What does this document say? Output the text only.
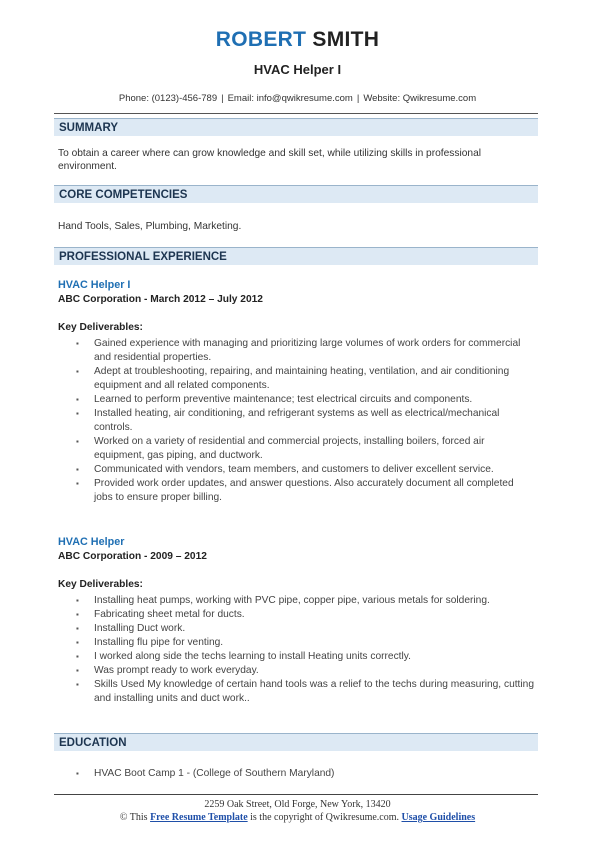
ROBERT SMITH
HVAC Helper I
Phone: (0123)-456-789 | Email: info@qwikresume.com | Website: Qwikresume.com
SUMMARY
To obtain a career where can grow knowledge and skill set, while utilizing skills in professional environment.
CORE COMPETENCIES
Hand Tools, Sales, Plumbing, Marketing.
PROFESSIONAL EXPERIENCE
HVAC Helper I
ABC Corporation - March 2012 – July 2012
Key Deliverables:
▪ Gained experience with managing and prioritizing large volumes of work orders for commercial and residential properties.
▪ Adept at troubleshooting, repairing, and maintaining heating, ventilation, and air conditioning equipment and all related components.
▪ Learned to perform preventive maintenance; test electrical circuits and components.
▪ Installed heating, air conditioning, and refrigerant systems as well as electrical/mechanical controls.
▪ Worked on a variety of residential and commercial projects, installing boilers, forced air equipment, gas piping, and ductwork.
▪ Communicated with vendors, team members, and customers to deliver excellent service.
▪ Provided work order updates, and answer questions. Also accurately document all completed jobs to ensure proper billing.
HVAC Helper
ABC Corporation - 2009 – 2012
Key Deliverables:
▪ Installing heat pumps, working with PVC pipe, copper pipe, various metals for soldering.
▪ Fabricating sheet metal for ducts.
▪ Installing Duct work.
▪ Installing flu pipe for venting.
▪ I worked along side the techs learning to install Heating units correctly.
▪ Was prompt ready to work everyday.
▪ Skills Used My knowledge of certain hand tools was a relief to the techs during measuring, cutting and installing units and duct work..
EDUCATION
▪ HVAC Boot Camp 1 - (College of Southern Maryland)
2259 Oak Street, Old Forge, New York, 13420
© This Free Resume Template is the copyright of Qwikresume.com. Usage Guidelines
